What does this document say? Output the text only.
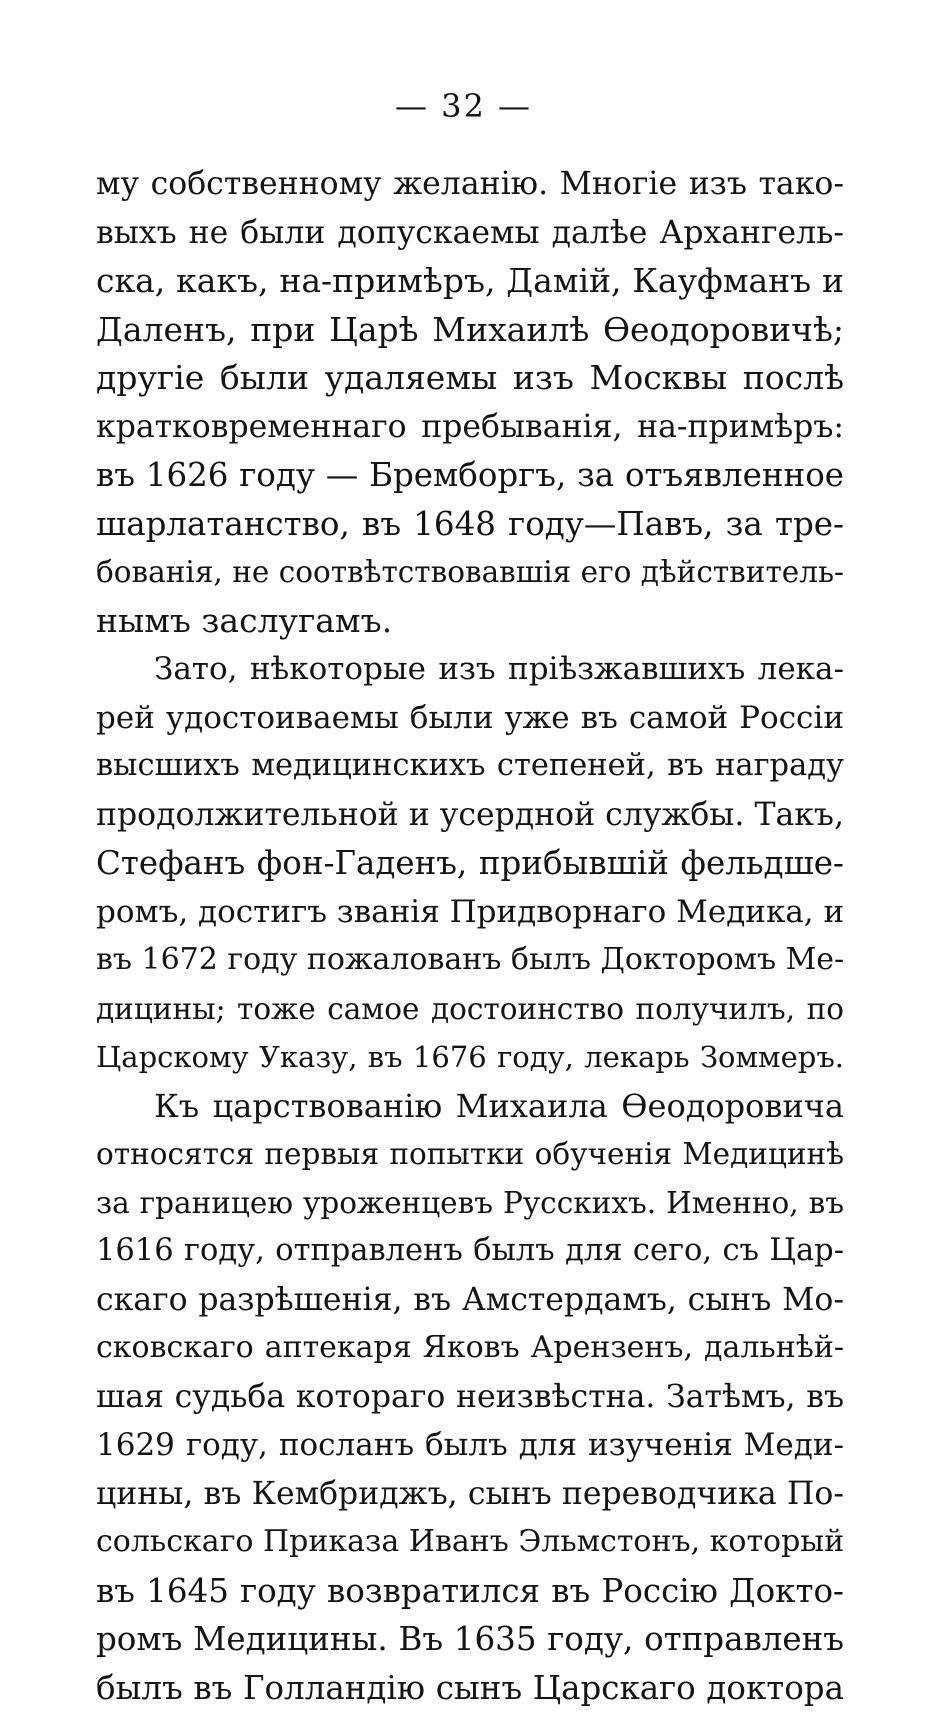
— 32 —
му собственному желанію. Многіе изъ тако-
выхъ не были допускаемы далѣе Архангель-
ска, какъ, на-примѣръ, Дамій, Кауфманъ и
Даленъ, при Царѣ Михаилѣ Өеодоровичѣ;
другіе были удаляемы изъ Москвы послѣ
кратковременнаго пребыванія, на-примѣръ:
въ 1626 году — Бремборгъ, за отъявленное
шарлатанство, въ 1648 году—Павъ, за тре-
бованія, не соотвѣтствовавшія его дѣйствитель-
нымъ заслугамъ.
Зато, нѣкоторые изъ пріѣзжавшихъ лека-
рей удостоиваемы были уже въ самой Россіи
высшихъ медицинскихъ степеней, въ награду
продолжительной и усердной службы. Такъ,
Стефанъ фон-Гаденъ, прибывшій фельдше-
ромъ, достигъ званія Придворнаго Медика, и
въ 1672 году пожалованъ былъ Докторомъ Ме-
дицины; тоже самое достоинство получилъ, по
Царскому Указу, въ 1676 году, лекарь Зоммеръ.
Къ царствованію Михаила Өеодоровича
относятся первыя попытки обученія Медицинѣ
за границею уроженцевъ Русскихъ. Именно, въ
1616 году, отправленъ былъ для сего, съ Цар-
скаго разрѣшенія, въ Амстердамъ, сынъ Мо-
сковскаго аптекаря Яковъ Арензенъ, дальнѣй-
шая судьба котораго неизвѣстна. Затѣмъ, въ
1629 году, посланъ былъ для изученія Меди-
цины, въ Кембриджъ, сынъ переводчика По-
сольскаго Приказа Иванъ Эльмстонъ, который
въ 1645 году возвратился въ Россію Докто-
ромъ Медицины. Въ 1635 году, отправленъ
былъ въ Голландію сынъ Царскаго доктора
